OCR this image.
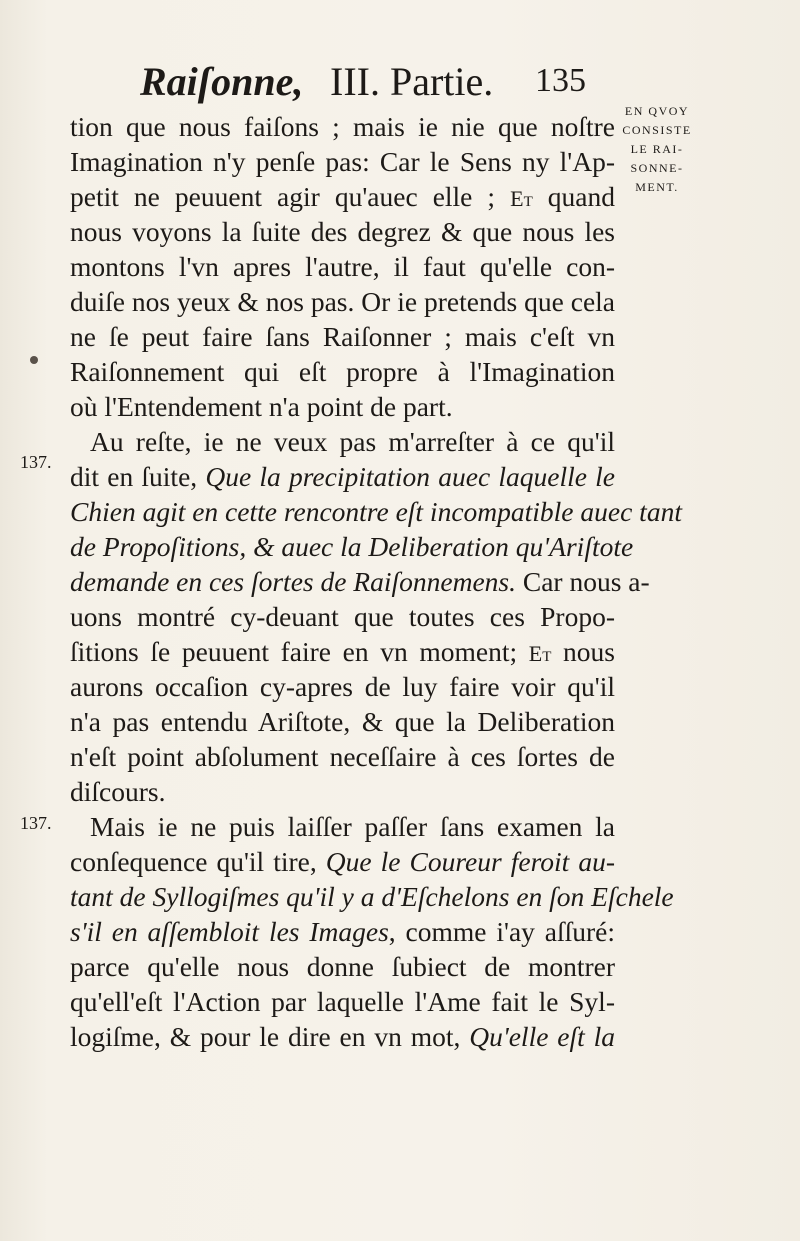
Raiſonne, III. Partie. 135
EN QVOY
CONSISTE
LE RAI-
SONNE-
MENT.
137.
137.
tion que nous faiſons ; mais ie nie que noſtre
Imagination n'y penſe pas: Car le Sens ny l'Ap-
petit ne peuuent agir qu'auec elle ; Et quand
nous voyons la ſuite des degrez & que nous les
montons l'vn apres l'autre, il faut qu'elle con-
duiſe nos yeux & nos pas. Or ie pretends que cela
ne ſe peut faire ſans Raiſonner ; mais c'eſt vn
Raiſonnement qui eſt propre à l'Imagination
où l'Entendement n'a point de part.
Au reſte, ie ne veux pas m'arreſter à ce qu'il
dit en ſuite, Que la precipitation auec laquelle le
Chien agit en cette rencontre eſt incompatible auec tant
de Propoſitions, & auec la Deliberation qu'Ariſtote
demande en ces ſortes de Raiſonnemens. Car nous a-
uons montré cy-deuant que toutes ces Propo-
ſitions ſe peuuent faire en vn moment; Et nous
aurons occaſion cy-apres de luy faire voir qu'il
n'a pas entendu Ariſtote, & que la Deliberation
n'eſt point abſolument neceſſaire à ces ſortes de
diſcours.
Mais ie ne puis laiſſer paſſer ſans examen la
conſequence qu'il tire, Que le Coureur feroit au-
tant de Syllogiſmes qu'il y a d'Eſchelons en ſon Eſchele
s'il en aſſembloit les Images, comme i'ay aſſuré:
parce qu'elle nous donne ſubiect de montrer
qu'ell'eſt l'Action par laquelle l'Ame fait le Syl-
logiſme, & pour le dire en vn mot, Qu'elle eſt la
